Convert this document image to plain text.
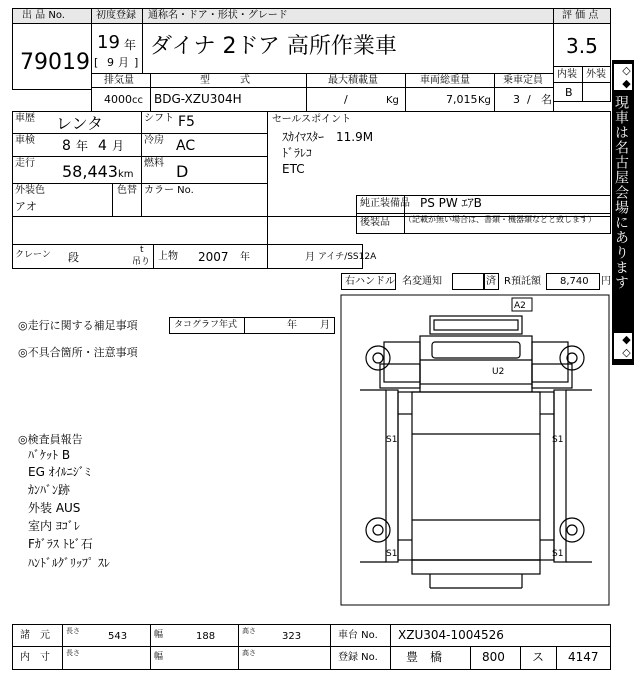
出 品 No.
79019
初度登録
19 年
[ 9 月 ]
通称名・ドア・形状・グレード
ダイナ 2ドア 高所作業車
評 価 点
3.5
内装 外装
B
排気量	型　　　式	最大積載量	車両総重量	乗車定員
4000 cc BDG-XZU304H	/	Kg	7,015 Kg 3 / 名
車歴 レンタ	シフト F5
車検 8 年 4 月 冷房 AC
走行 58,443 km
燃料 D
外装色
アオ
色替 カラー No.
クレーン 段
t
吊り 上物 2007 年	月 アイチ/SS12A
セールスポイント
ｽｶｲﾏｽﾀｰ　11.9M
ﾄﾞﾗﾚｺ
ETC
純正装備品 PS PW ｴｱB
後装品 （記載が無い場合は、書類・機器類などと致します）
右ハンドル 名変通知	済 R預託額 8,740 円
◎走行に関する補足事項	タコグラフ年式	年 月
◎不具合箇所・注意事項
◎検査員報告
ﾊﾞｹｯﾄ B
EG ｵｲﾙﾆｼﾞﾐ
ｶﾝﾊﾞﾝ跡
外装 AUS
室内 ﾖｺﾞﾚ
Fｶﾞﾗｽ ﾄﾋﾞ石
ﾊﾝﾄﾞﾙｸﾞﾘｯﾌﾟ ｽﾚ
A2
U2
S1	S1
S1	S1
◇◆
現車は名古屋会場にあります
◆◇
諸　元 長さ	543	幅	188	高さ	323	車台 No. XZU304-1004526
内　寸 長さ	幅	高さ	登録 No. 豊　橋	800 ス 4147
